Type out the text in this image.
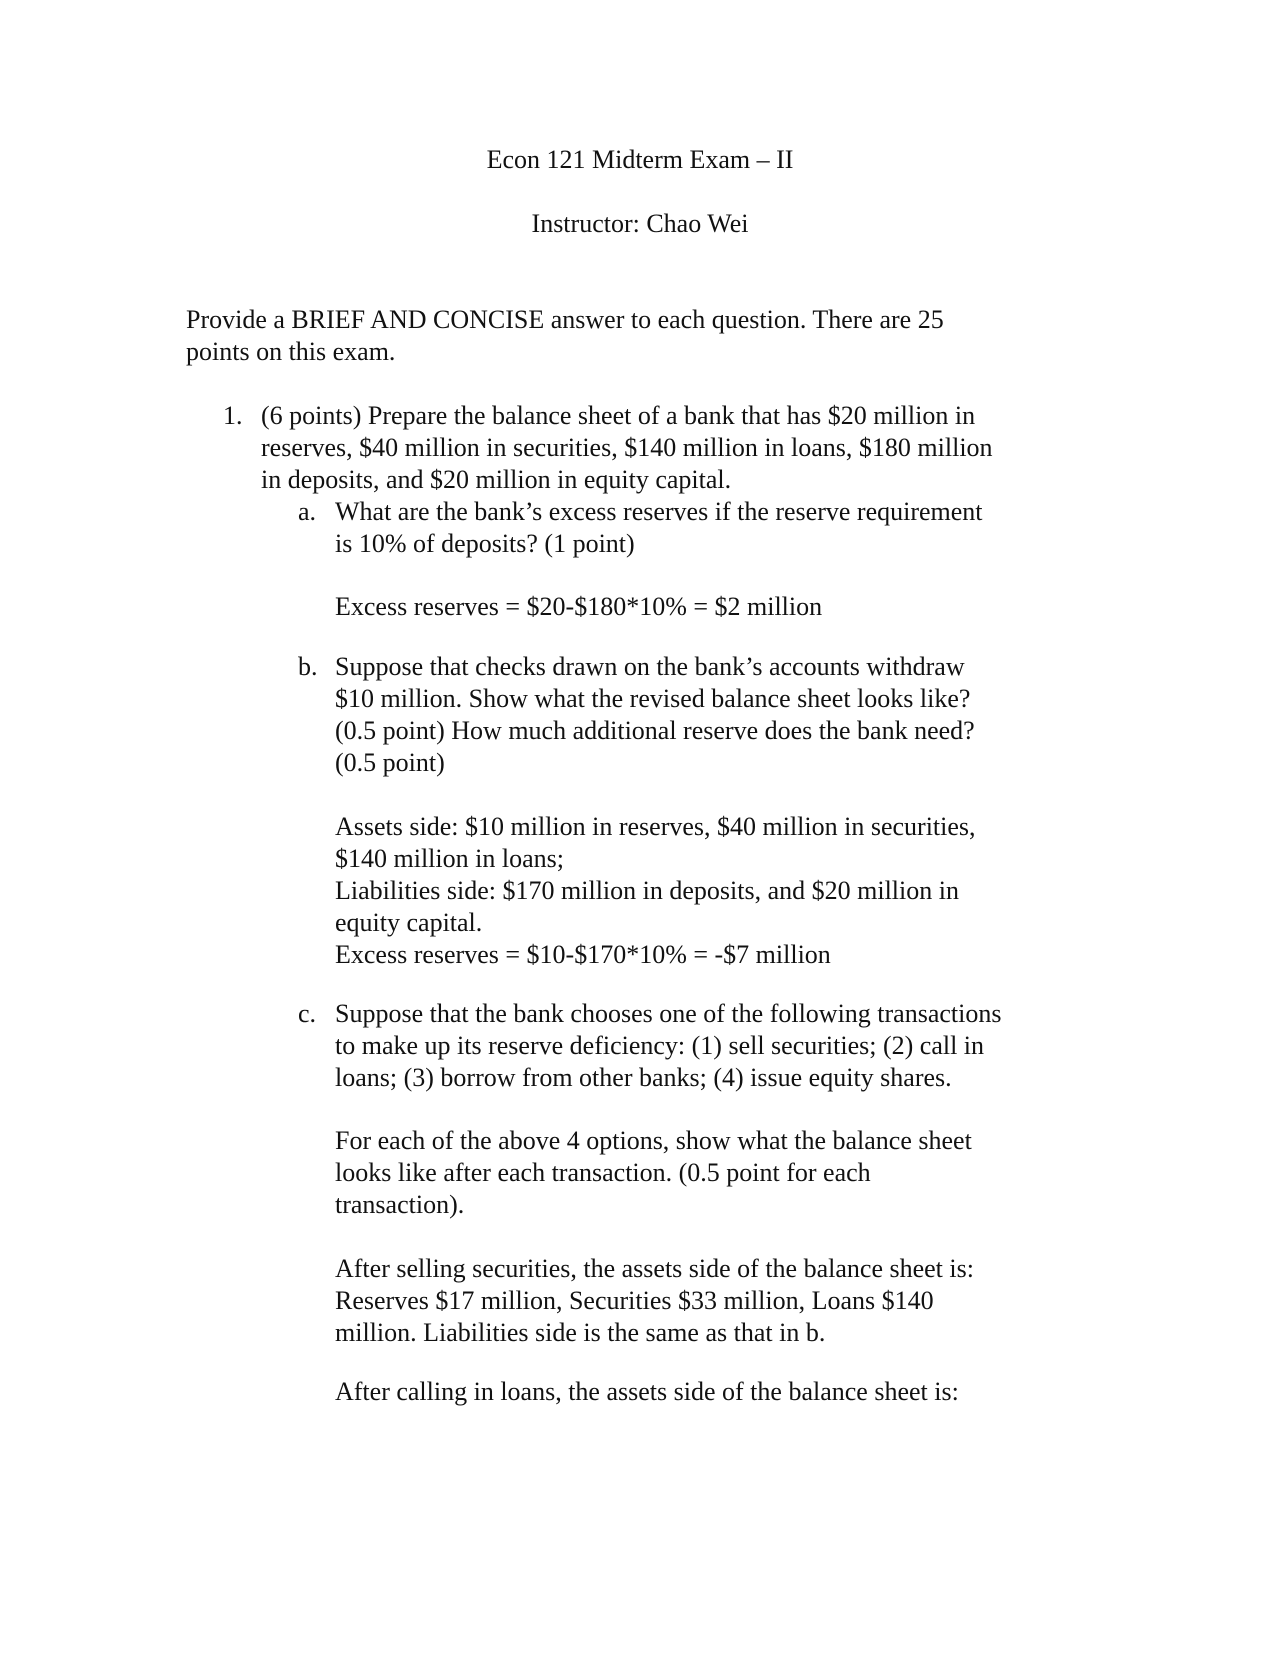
Econ 121 Midterm Exam – II
Instructor: Chao Wei
Provide a BRIEF AND CONCISE answer to each question. There are 25
points on this exam.
1. (6 points) Prepare the balance sheet of a bank that has $20 million in
reserves, $40 million in securities, $140 million in loans, $180 million
in deposits, and $20 million in equity capital.
a. What are the bank’s excess reserves if the reserve requirement
is 10% of deposits? (1 point)
Excess reserves = $20-$180*10% = $2 million
b. Suppose that checks drawn on the bank’s accounts withdraw
$10 million. Show what the revised balance sheet looks like?
(0.5 point) How much additional reserve does the bank need?
(0.5 point)
Assets side: $10 million in reserves, $40 million in securities,
$140 million in loans;
Liabilities side: $170 million in deposits, and $20 million in
equity capital.
Excess reserves = $10-$170*10% = -$7 million
c. Suppose that the bank chooses one of the following transactions
to make up its reserve deficiency: (1) sell securities; (2) call in
loans; (3) borrow from other banks; (4) issue equity shares.
For each of the above 4 options, show what the balance sheet
looks like after each transaction. (0.5 point for each
transaction).
After selling securities, the assets side of the balance sheet is:
Reserves $17 million, Securities $33 million, Loans $140
million. Liabilities side is the same as that in b.
After calling in loans, the assets side of the balance sheet is:
